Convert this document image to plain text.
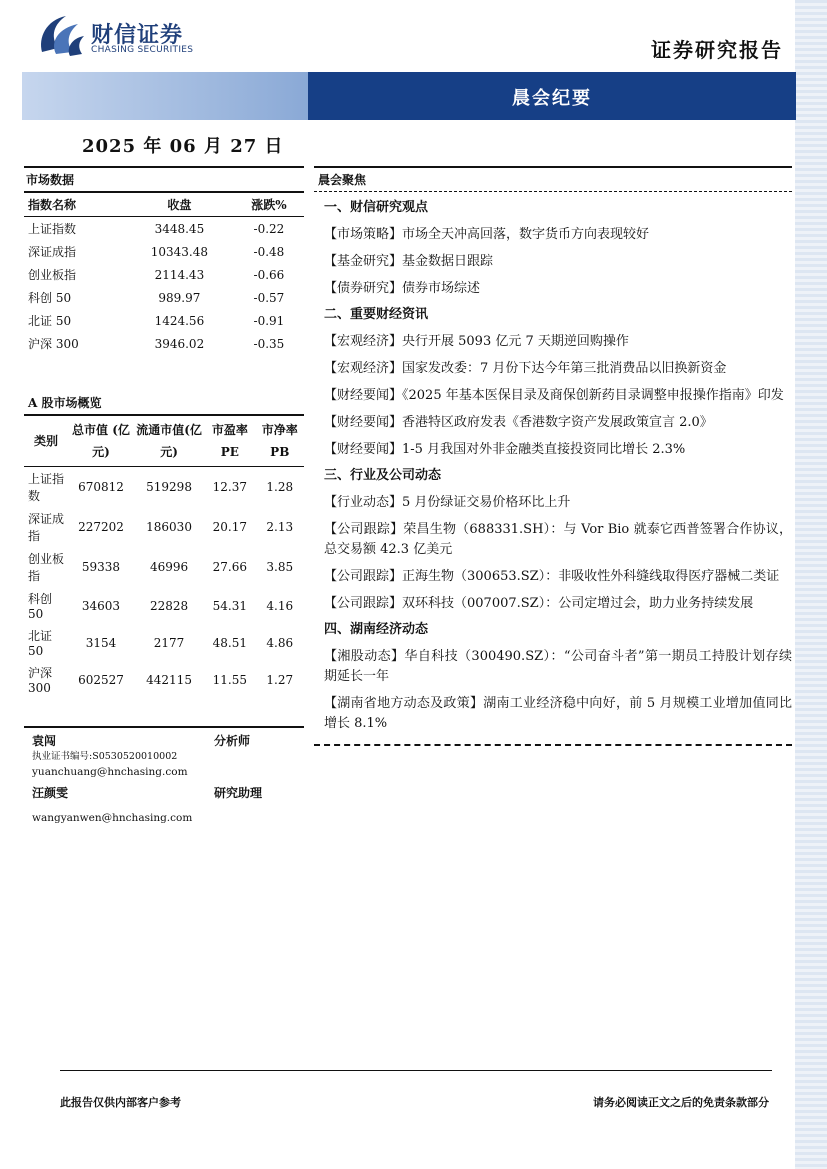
财信证券
CHASING SECURITIES	证券研究报告
晨会纪要
2025 年 06 月 27 日
市场数据
指数名称	收盘	涨跌%
上证指数	3448.45	-0.22
深证成指	10343.48	-0.48
创业板指	2114.43	-0.66
科创 50	989.97	-0.57
北证 50	1424.56	-0.91
沪深 300	3946.02	-0.35
A 股市场概览
类别	总市值 (亿元)	流通市值(亿元)	市盈率 PE	市净率 PB
上证指数	670812	519298	12.37	1.28
深证成指	227202	186030	20.17	2.13
创业板指	59338	46996	27.66	3.85
科创 50	34603	22828	54.31	4.16
北证 50	3154	2177	48.51	4.86
沪深 300	602527	442115	11.55	1.27
袁闯	分析师
执业证书编号:S0530520010002
yuanchuang@hnchasing.com
汪颜雯	研究助理
wangyanwen@hnchasing.com
晨会聚焦
一、财信研究观点
【市场策略】市场全天冲高回落，数字货币方向表现较好
【基金研究】基金数据日跟踪
【债券研究】债券市场综述
二、重要财经资讯
【宏观经济】央行开展 5093 亿元 7 天期逆回购操作
【宏观经济】国家发改委：7 月份下达今年第三批消费品以旧换新资金
【财经要闻】《2025 年基本医保目录及商保创新药目录调整申报操作指南》印发
【财经要闻】香港特区政府发表《香港数字资产发展政策宣言 2.0》
【财经要闻】1-5 月我国对外非金融类直接投资同比增长 2.3%
三、行业及公司动态
【行业动态】5 月份绿证交易价格环比上升
【公司跟踪】荣昌生物（688331.SH）：与 Vor Bio 就泰它西普签署合作协议，总交易额 42.3 亿美元
【公司跟踪】正海生物（300653.SZ）：非吸收性外科缝线取得医疗器械二类证
【公司跟踪】双环科技（007007.SZ）：公司定增过会，助力业务持续发展
四、湖南经济动态
【湘股动态】华自科技（300490.SZ）：“公司奋斗者”第一期员工持股计划存续期延长一年
【湖南省地方动态及政策】湖南工业经济稳中向好，前 5 月规模工业增加值同比增长 8.1%
此报告仅供内部客户参考	请务必阅读正文之后的免责条款部分
